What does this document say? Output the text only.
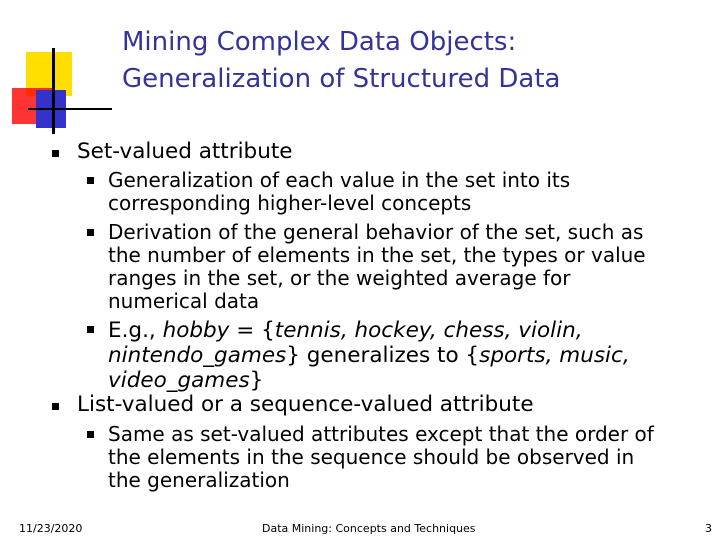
Mining Complex Data Objects:
Generalization of Structured Data
Set-valued attribute
Generalization of each value in the set into its corresponding higher-level concepts
Derivation of the general behavior of the set, such as the number of elements in the set, the types or value ranges in the set, or the weighted average for numerical data
E.g., hobby = {tennis, hockey, chess, violin, nintendo_games} generalizes to {sports, music, video_games}
List-valued or a sequence-valued attribute
Same as set-valued attributes except that the order of the elements in the sequence should be observed in the generalization
11/23/2020	Data Mining: Concepts and Techniques	3
